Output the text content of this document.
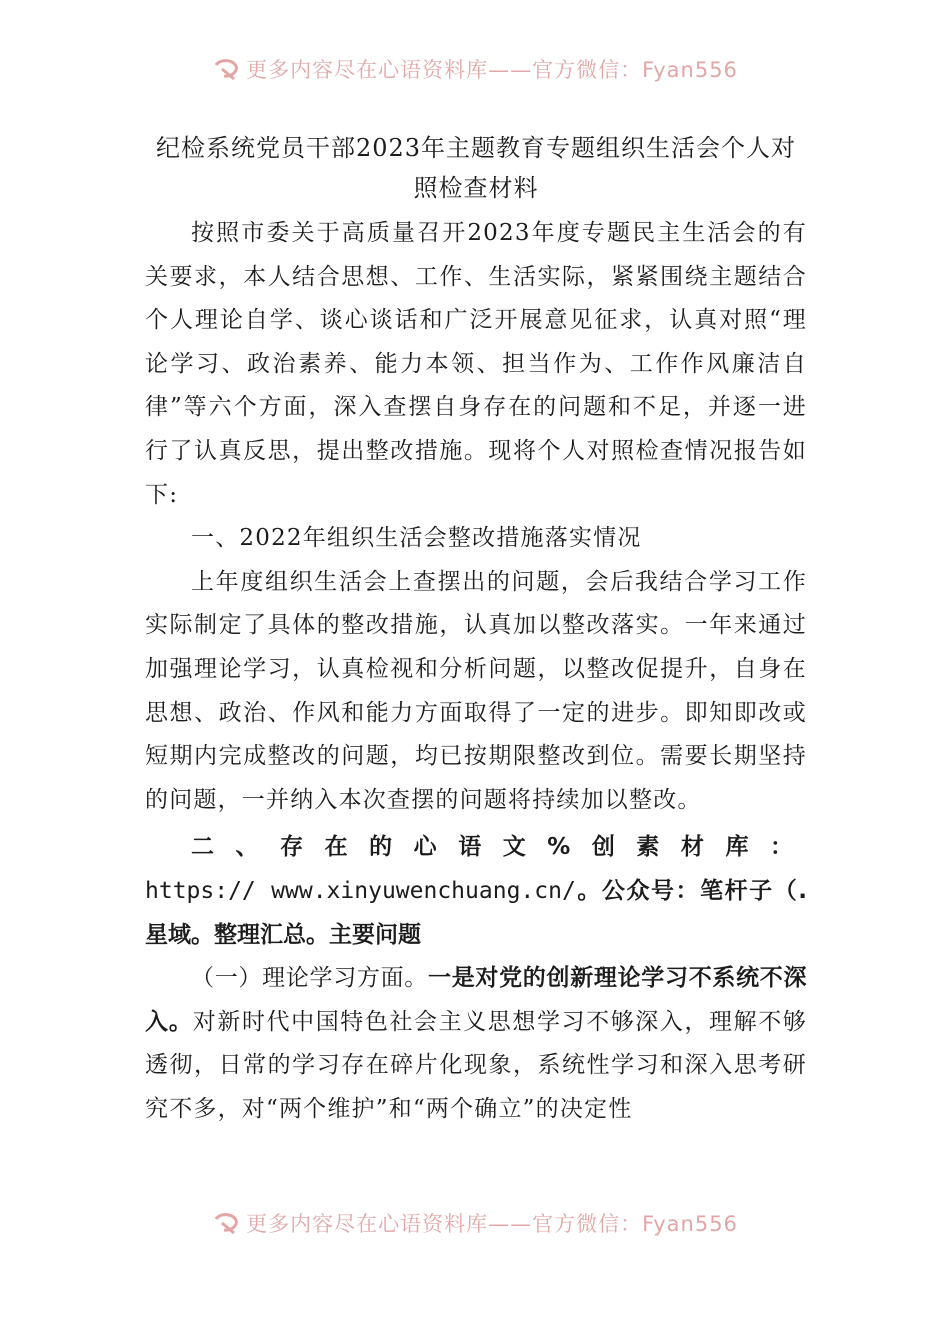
更多内容尽在心语资料库——官方微信：Fyan556
纪检系统党员干部2023年主题教育专题组织生活会个人对照检查材料

按照市委关于高质量召开2023年度专题民主生活会的有关要求，本人结合思想、工作、生活实际，紧紧围绕主题结合个人理论自学、谈心谈话和广泛开展意见征求，认真对照“理论学习、政治素养、能力本领、担当作为、工作作风廉洁自律”等六个方面，深入查摆自身存在的问题和不足，并逐一进行了认真反思，提出整改措施。现将个人对照检查情况报告如下:

一、2022年组织生活会整改措施落实情况

上年度组织生活会上查摆出的问题，会后我结合学习工作实际制定了具体的整改措施，认真加以整改落实。一年来通过加强理论学习，认真检视和分析问题，以整改促提升，自身在思想、政治、作风和能力方面取得了一定的进步。即知即改或短期内完成整改的问题，均已按期限整改到位。需要长期坚持的问题，一并纳入本次查摆的问题将持续加以整改。

二、存在的心语文%创素材库：https:// www.xinyuwenchuang.cn/。公众号：笔杆子（.星域。整理汇总。主要问题

（一）理论学习方面。一是对党的创新理论学习不系统不深入。对新时代中国特色社会主义思想学习不够深入，理解不够透彻，日常的学习存在碎片化现象，系统性学习和深入思考研究不多，对“两个维护”和“两个确立”的决定性

更多内容尽在心语资料库——官方微信：Fyan556
